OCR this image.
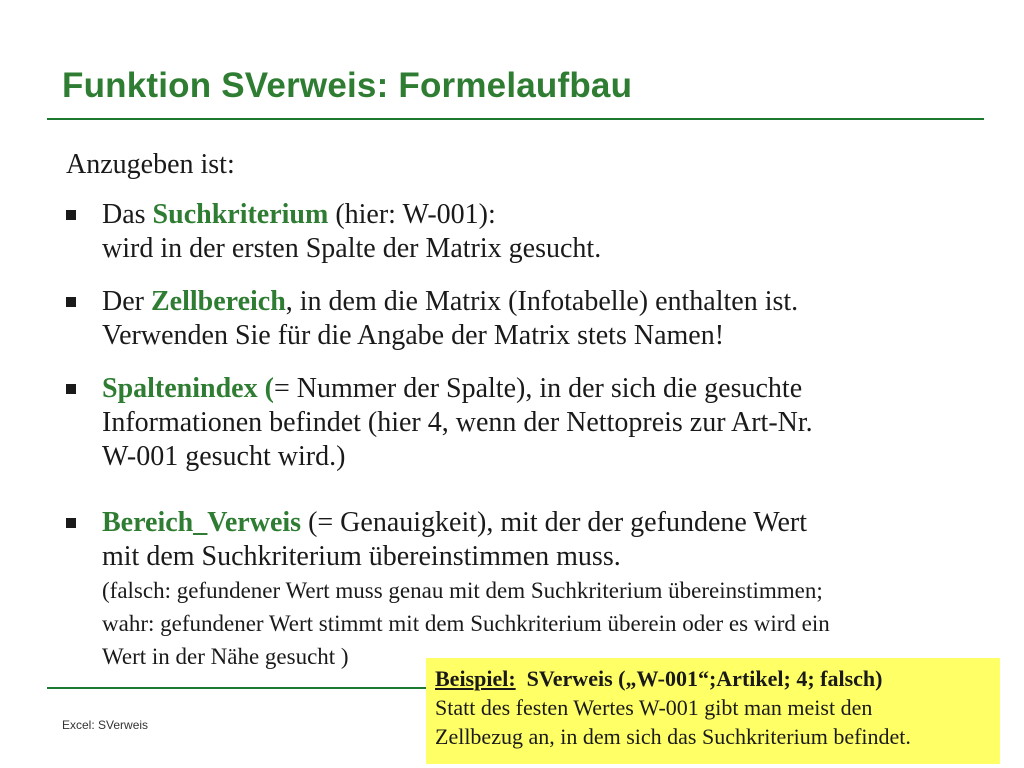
Funktion SVerweis: Formelaufbau
Anzugeben ist:
Das Suchkriterium (hier: W-001):
wird in der ersten Spalte der Matrix gesucht.
Der Zellbereich, in dem die Matrix (Infotabelle) enthalten ist.
Verwenden Sie für die Angabe der Matrix stets Namen!
Spaltenindex (= Nummer der Spalte), in der sich die gesuchte
Informationen befindet (hier 4, wenn der Nettopreis zur Art-Nr.
W-001 gesucht wird.)
Bereich_Verweis (= Genauigkeit), mit der der gefundene Wert
mit dem Suchkriterium übereinstimmen muss.
(falsch: gefundener Wert muss genau mit dem Suchkriterium übereinstimmen;
wahr: gefundener Wert stimmt mit dem Suchkriterium überein oder es wird ein
Wert in der Nähe gesucht )
Excel: SVerweis
Beispiel:  SVerweis („W-001“;Artikel; 4; falsch)
Statt des festen Wertes W-001 gibt man meist den
Zellbezug an, in dem sich das Suchkriterium befindet.
